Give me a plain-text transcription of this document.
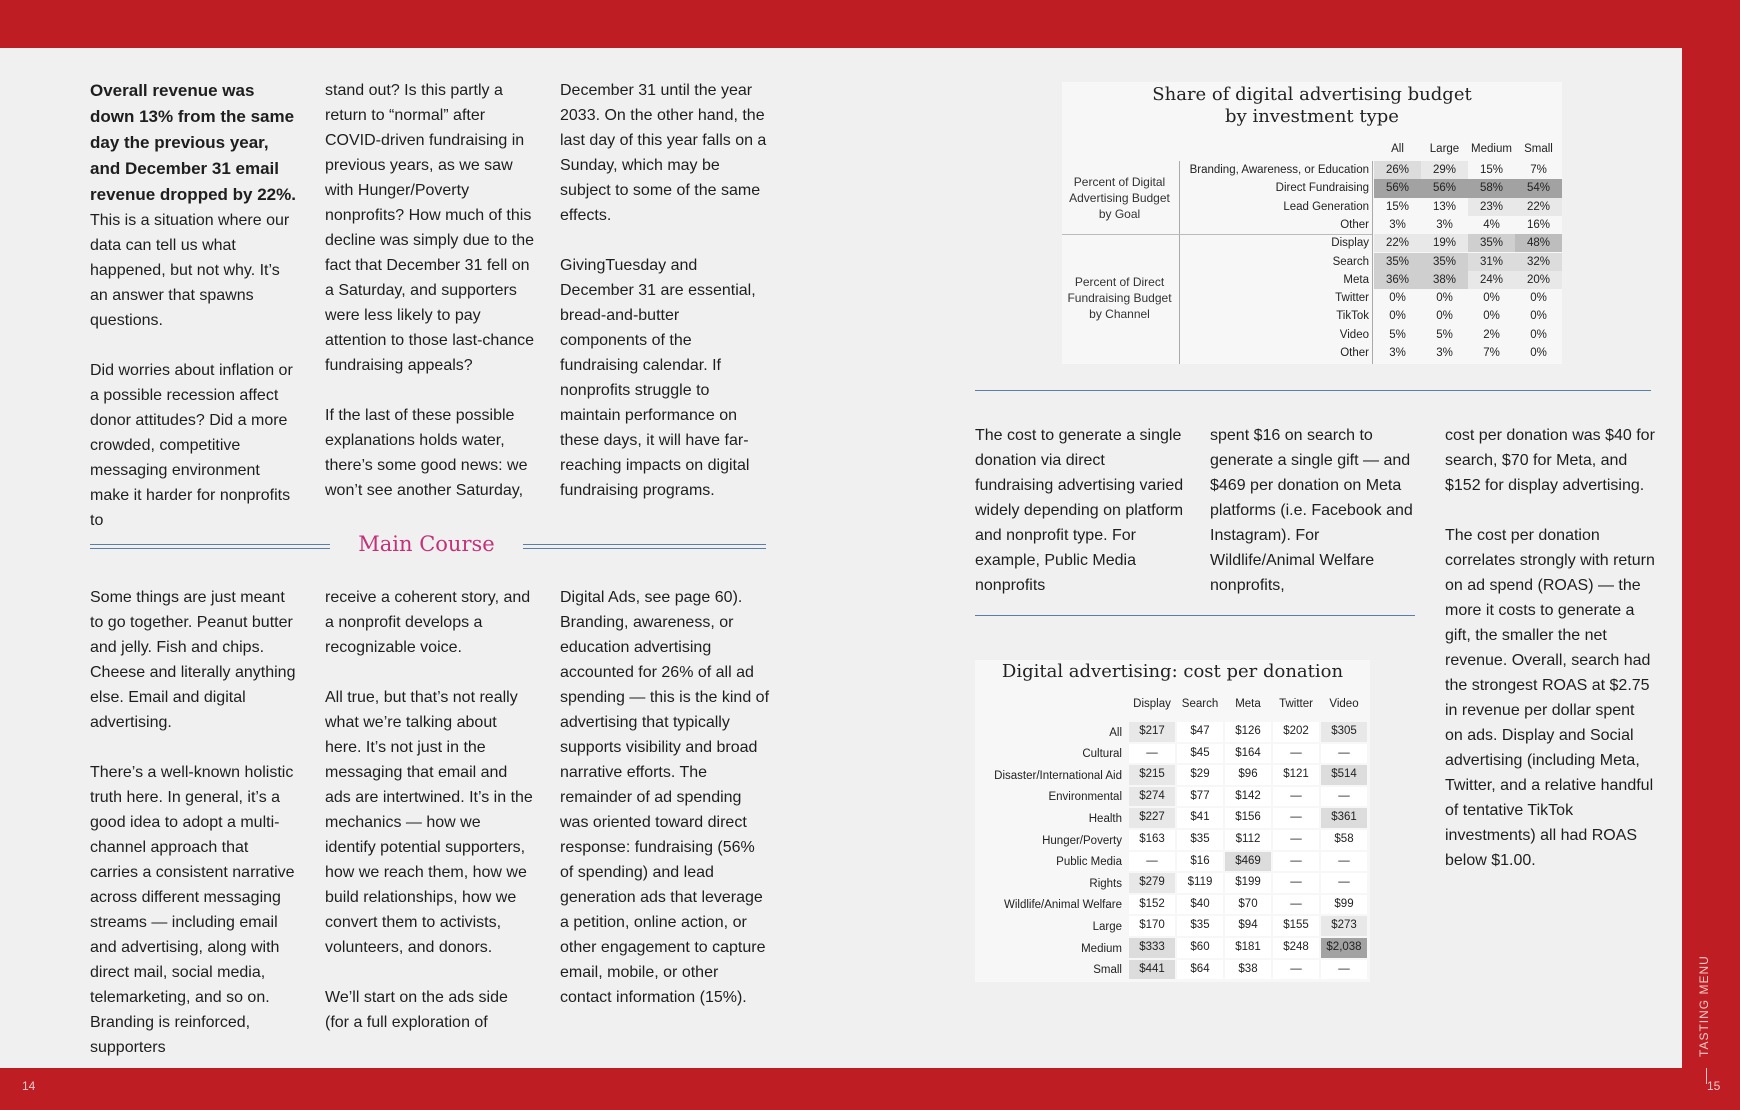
14	15
TASTING MENU

Overall revenue was down 13% from the same day the previous year, and December 31 email revenue dropped by 22%. This is a situation where our data can tell us what happened, but not why. It’s an answer that spawns questions.

Did worries about inflation or a possible recession affect donor attitudes? Did a more crowded, competitive messaging environment make it harder for nonprofits to

stand out? Is this partly a return to “normal” after COVID-driven fundraising in previous years, as we saw with Hunger/Poverty nonprofits? How much of this decline was simply due to the fact that December 31 fell on a Saturday, and supporters were less likely to pay attention to those last-chance fundraising appeals?

If the last of these possible explanations holds water, there’s some good news: we won’t see another Saturday,

December 31 until the year 2033. On the other hand, the last day of this year falls on a Sunday, which may be subject to some of the same effects.

GivingTuesday and December 31 are essential, bread-and-butter components of the fundraising calendar. If nonprofits struggle to maintain performance on these days, it will have far-reaching impacts on digital fundraising programs.

Main Course

Some things are just meant to go together. Peanut butter and jelly. Fish and chips. Cheese and literally anything else. Email and digital advertising.

There’s a well-known holistic truth here. In general, it’s a good idea to adopt a multi-channel approach that carries a consistent narrative across different messaging streams — including email and advertising, along with direct mail, social media, telemarketing, and so on. Branding is reinforced, supporters

receive a coherent story, and a nonprofit develops a recognizable voice.

All true, but that’s not really what we’re talking about here. It’s not just in the messaging that email and ads are intertwined. It’s in the mechanics — how we identify potential supporters, how we reach them, how we build relationships, how we convert them to activists, volunteers, and donors.

We’ll start on the ads side (for a full exploration of

Digital Ads, see page 60). Branding, awareness, or education advertising accounted for 26% of all ad spending — this is the kind of advertising that typically supports visibility and broad narrative efforts. The remainder of ad spending was oriented toward direct response: fundraising (56% of spending) and lead generation ads that leverage a petition, online action, or other engagement to capture email, mobile, or other contact information (15%).

Share of digital advertising budget
by investment type
All	Large	Medium	Small
Percent of Digital
Advertising Budget
by Goal
Branding, Awareness, or Education	26%	29%	15%	7%
Direct Fundraising	56%	56%	58%	54%
Lead Generation	15%	13%	23%	22%
Other	3%	3%	4%	16%
Percent of Direct
Fundraising Budget
by Channel
Display	22%	19%	35%	48%
Search	35%	35%	31%	32%
Meta	36%	38%	24%	20%
Twitter	0%	0%	0%	0%
TikTok	0%	0%	0%	0%
Video	5%	5%	2%	0%
Other	3%	3%	7%	0%

The cost to generate a single donation via direct fundraising advertising varied widely depending on platform and nonprofit type. For example, Public Media nonprofits

spent $16 on search to generate a single gift — and $469 per donation on Meta platforms (i.e. Facebook and Instagram). For Wildlife/Animal Welfare nonprofits,

cost per donation was $40 for search, $70 for Meta, and $152 for display advertising.

The cost per donation correlates strongly with return on ad spend (ROAS) — the more it costs to generate a gift, the smaller the net revenue. Overall, search had the strongest ROAS at $2.75 in revenue per dollar spent on ads. Display and Social advertising (including Meta, Twitter, and a relative handful of tentative TikTok investments) all had ROAS below $1.00.

Digital advertising: cost per donation
Display Search	Meta	Twitter	Video
All	$217	$47	$126	$202	$305
Cultural	—	$45	$164	—	—
Disaster/International Aid	$215	$29	$96	$121	$514
Environmental	$274	$77	$142	—	—
Health	$227	$41	$156	—	$361
Hunger/Poverty	$163	$35	$112	—	$58
Public Media	—	$16	$469	—	—
Rights	$279	$119	$199	—	—
Wildlife/Animal Welfare	$152	$40	$70	—	$99
Large	$170	$35	$94	$155	$273
Medium	$333	$60	$181	$248	$2,038
Small	$441	$64	$38	—	—
